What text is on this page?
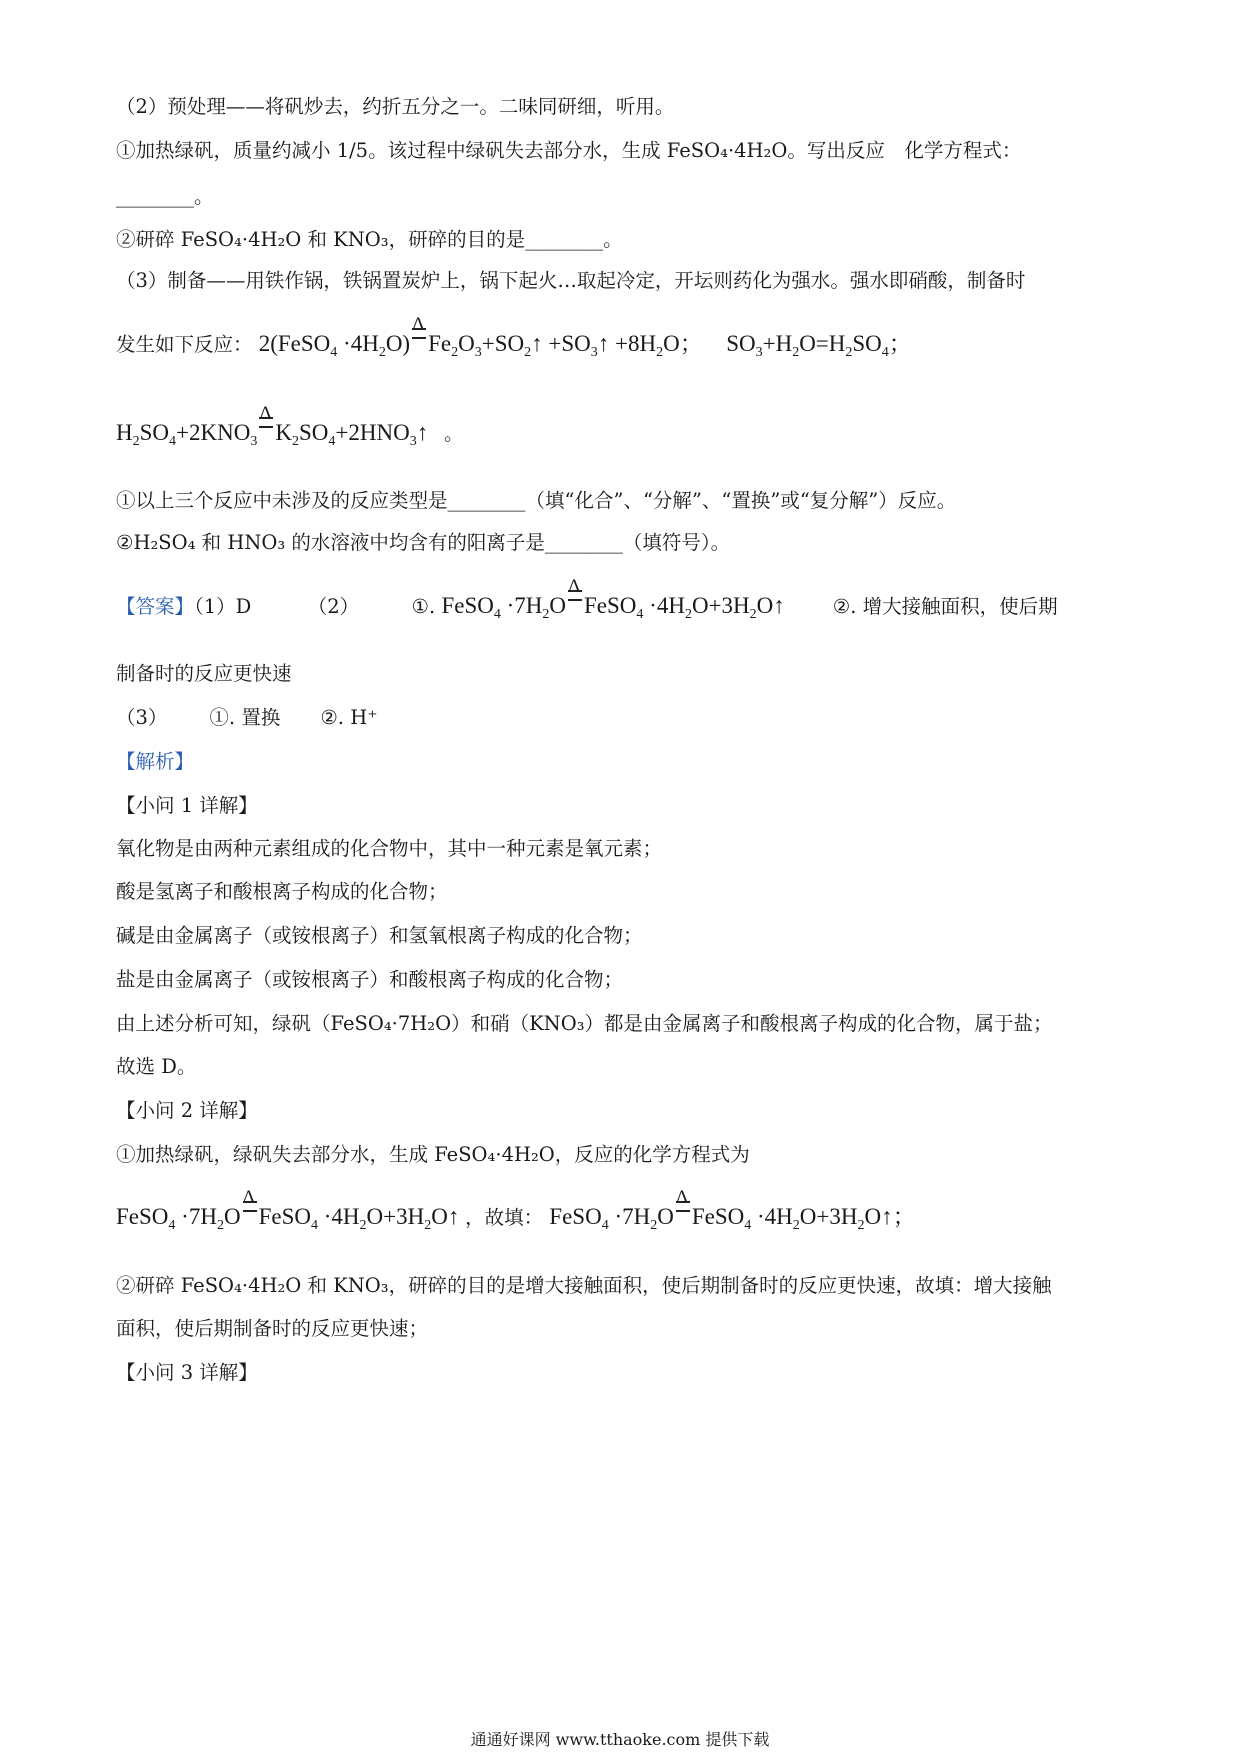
（2）预处理——将矾炒去，约折五分之一。二味同研细，听用。
①加热绿矾，质量约减小 1/5。该过程中绿矾失去部分水，生成 FeSO₄·4H₂O。写出反应　化学方程式：
________。
②研碎 FeSO₄·4H₂O 和 KNO₃，研碎的目的是________。
（3）制备——用铁作锅，铁锅置炭炉上，锅下起火…取起冷定，开坛则药化为强水。强水即硝酸，制备时
发生如下反应： 2(FeSO$_4$ $\cdot 4H_2O$)
Δ
$Fe_2O_3+SO_2↑$ $+SO_3↑ +8H_2O$； $SO_3+H_2O=H_2SO_4$；
$H_2SO_4+2KNO_3$
Δ
$K_2SO_4+2HNO_3↑$ 。
①以上三个反应中未涉及的反应类型是________（填“化合”、“分解”、“置换”或“复分解”）反应。
②H₂SO₄ 和 HNO₃ 的水溶液中均含有的阳离子是________（填符号）。
【答案】（1）D	（2）	①. FeSO$_4$ $\cdot 7H_2O$
Δ
FeSO$_4$ $\cdot 4H_2O+3H_2O↑$ ②. 增大接触面积，使后期
制备时的反应更快速
（3） ①. 置换 ②. H⁺
【解析】
【小问 1 详解】
氧化物是由两种元素组成的化合物中，其中一种元素是氧元素；
酸是氢离子和酸根离子构成的化合物；
碱是由金属离子（或铵根离子）和氢氧根离子构成的化合物；
盐是由金属离子（或铵根离子）和酸根离子构成的化合物；
由上述分析可知，绿矾（FeSO₄·7H₂O）和硝（KNO₃）都是由金属离子和酸根离子构成的化合物，属于盐；
故选 D。
【小问 2 详解】
①加热绿矾，绿矾失去部分水，生成 FeSO₄·4H₂O，反应的化学方程式为
FeSO$_4$ $\cdot 7H_2O$
Δ
FeSO$_4$ $\cdot 4H_2O+3H_2O↑$ ，故填： FeSO$_4$ $\cdot 7H_2O$
Δ
FeSO$_4$ $\cdot 4H_2O+3H_2O↑$；
②研碎 FeSO₄·4H₂O 和 KNO₃，研碎的目的是增大接触面积，使后期制备时的反应更快速，故填：增大接触
面积，使后期制备时的反应更快速；
【小问 3 详解】
通通好课网 www.tthaoke.com 提供下载
